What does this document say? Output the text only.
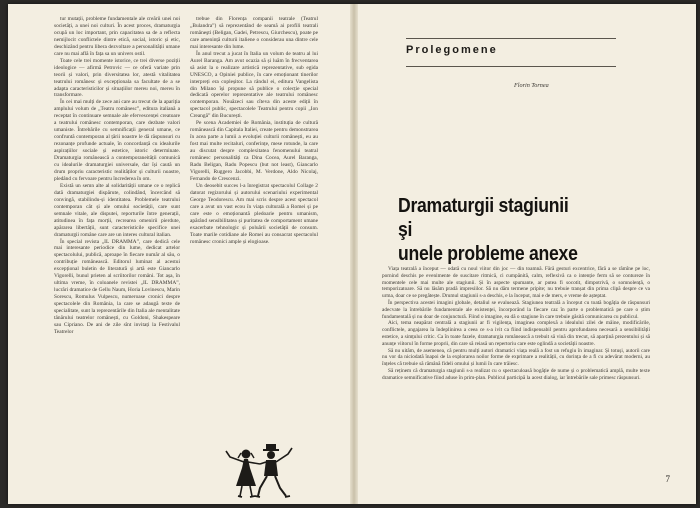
tur mutații, probleme fundamentale ale creării unei noi societăți, a unei noi culturi. În acest proces, dramaturgia ocupă un loc important, prin capacitatea sa de a reflecta nemijlocit conflictele dintre etică, social, istoric și etic, deschizând pentru libera dezvoltare a personalității umane care nu mai află în fața sa un univers ostil.

Toate cele trei momente istorice, ce trei diverse poziții ideologice — afirmă Petrovic — ce oferă variate prin teorii și valori, prin diversitatea lor, atestă vitalitatea teatrului românesc și excepționala sa facultate de a se adapta caracteristicilor și situațiilor mereu noi, mereu în transformare.

În cei mai mulți de zece ani care au trecut de la apariția amplului volum de „Teatru românesc”, editura italiană a receptat în continuare semnale ale efervescenței creatoare a teatrului românesc contemporan, care dezbate valori umaniste. Întrebările cu semnificații general umane, ce confruntă contemporan al țării noastre le dă răspunsuri cu rezonanțe profunde actuale, în concordanță cu idealurile aspirațiilor sociale și estetice, istoric determinate. Dramaturgia românească a contemporaneității comunică cu idealurile dramaturgiei universale, dar își caută un drum propriu caracteristic realităților și culturii noastre, pledând cu fervoare pentru încrederea în om.

Există un semn alte al solidarității umane ce o replică dată dramaturgiei dispărute, colindând, încercând să convingă, stabilindu-și identitatea. Problemele teatrului contemporan cât și ale omului societății, care sunt semnale vitale, ale disputei, reporturile între generații, atitudinea în fața morții, recrearea omenirii pierdute, apărarea libertății, sunt caracteristicile specifice unei dramaturgii române care are un interes cultural italian.

În special revista „IL DRAMMA”, care dedică cele mai interesante periodice din lume, dedicat artelor spectacolului, publică, aproape în fiecare număr al său, o contribuție românească. Editorul luminat al acestui excepțional buletin de literatură și artă este Giancarlo Vigorelli, bunul prieten al scriitorilor români. Tot așa, în ultima vreme, în coloanele revistei „IL DRAMMA”, lucrări dramatice de Gellu Naum, Horia Lovinescu, Marin Sorescu, Romulus Vulpescu, numeroase cronici despre spectacolele din România, la care se adaugă texte de specialitate, sunt la reprezentările din Italia ale mentalitate tânărului teatrelor românești, cu Goldoni, Shakespeare sau Cipriano. De ani de zile sînt invitați la Festivalul Teatrelor

trebue din Florența companii teatrale (Teatrul „Bulandra”) să reprezentând de seamă ai profili teatrali româneşti (Beligan, Gadei, Petrescu, Giurchescu), poate pe care amenință culturii italiene o considerau una dintre cele mai interesante din lume.

În anul trecut a jucat în Italia un volum de teatru al lui Aurel Baranga. Am avut ocazia să și luăm în frecventarea să asist la o realizare artistică reprezentative, sub egida UNESCO, a Opiniei publice, în care emoționant tinerilor interpreți era copleșitor. La rândul ei, editura Vangelista din Milano își propune să publice o colecție special dedicată operelor reprezentative ale teatrului românesc contemporan. Nouăzeci sau cîteva din aceste ediții în spectacol public, spectacolele Teatrului pentru copii „Ion Creangă” din București.

Pe scena Academiei de România, instituția de cultură românească din Capitala Italiei, create pentru demonstrarea în acea parte a lumii a evoluției culturii românești, eu au fost mai multe recitaluri, conferințe, mese rotunde, la care au discutat despre complexitatea fenomenului teatral românesc personalități ca Dina Cocea, Aurel Baranga, Radu Beligan, Radu Popescu (but not least), Giancarlo Vigorelli, Ruggero Jacobbi, M. Verdone, Aldo Nicolaj, Fernando de Crescenzi.

Un deosebit succes l-a înregistrat spectacolul Collage 2 datorat regizorului și autorului scenariului experimental George Teodorescu. Am mai scris despre acest spectacol care a avut un vast ecou în viața culturală a Romei și pe care este o emoționantă pledoarie pentru umanism, apărând sensibilitatea și puritatea de comportament umane exacerbate tehnologic și poluării societății de consum. Toate marile cotidiane ale Romei au consacrat spectacolul românesc cronici ample și elogioase.

Dancing couple drawing
Prolegomene
Florin Tornea
Dramaturgii stagiunii
şi
unele probleme anexe

Viața teatrală a început — odată cu noul viitor din joc — din toamnă. Fără gesturi excentrice, fără a se rămîne pe loc, pornind deschis pe evenimente de suscitare ritmică, ci cumpănită, calm, reflexivă ca o intenție ferm să se contureze în momentele cele mai multe ale stagiunii. Și în aspecte spumante, ar putea fi socotit, dimpotrivă, o somnolență, o temporizatoare. Să nu lăsăm pradă impresiilor. Să nu dăm termene pripite; nu trebuie tranșat din prima clipă despre ce va urma, doar ce se pregătește. Drumul stagiunii s-a deschis, e la început, mai e de mers, e vreme de așteptat.

În perspectiva acestei imagini globale, detaliul se evaluează. Stagiunea teatrală a început cu toată bogăția de răspunsuri adecvate la întrebările fundamentale ale existenței, încorporând la fiecare caz în parte o problematică pe care o știm fundamentală și nu doar de conjunctură. Fiind o imagine, ea dă o stagiune în care trebuie găsită comunicarea cu publicul.

Aici, tema neapărat centrală a stagiunii ar fi vigilența, imaginea complexă a idealului zilei de mâine, modificările, conflictele, angajarea la îndeplinirea a ceea ce s-a ivit ca fiind indispensabil pentru aprofundarea necesară a sensibilității estetice, a simțului critic. Ca în toate fazele, dramaturgia românească a trebuit să vină din trecut, să aparțină prezentului și să anunțe viitorul în forme proprii, din care să reiasă un repertoriu care este oglindă a societății noastre.

Să nu uităm, de asemenea, că pentru mulți autori dramatici viața reală a fost un refugiu în imaginar. Și totuși, autorii care nu vor da niciodată înapoi de la explorarea noilor forme de exprimare a realității, cu dorința de a fi cu adevărat moderni, au înțeles că trebuie să rămână fideli omului și lumii în care trăiesc.

Să reținem că dramaturgia stagiunii s-a realizat cu o spectaculoasă bogăție de nume și o problematică amplă, multe texte dramatice semnificative fiind aduse în prim-plan. Publicul participă la acest dialog, iar întrebările sale primesc răspunsuri.

7
